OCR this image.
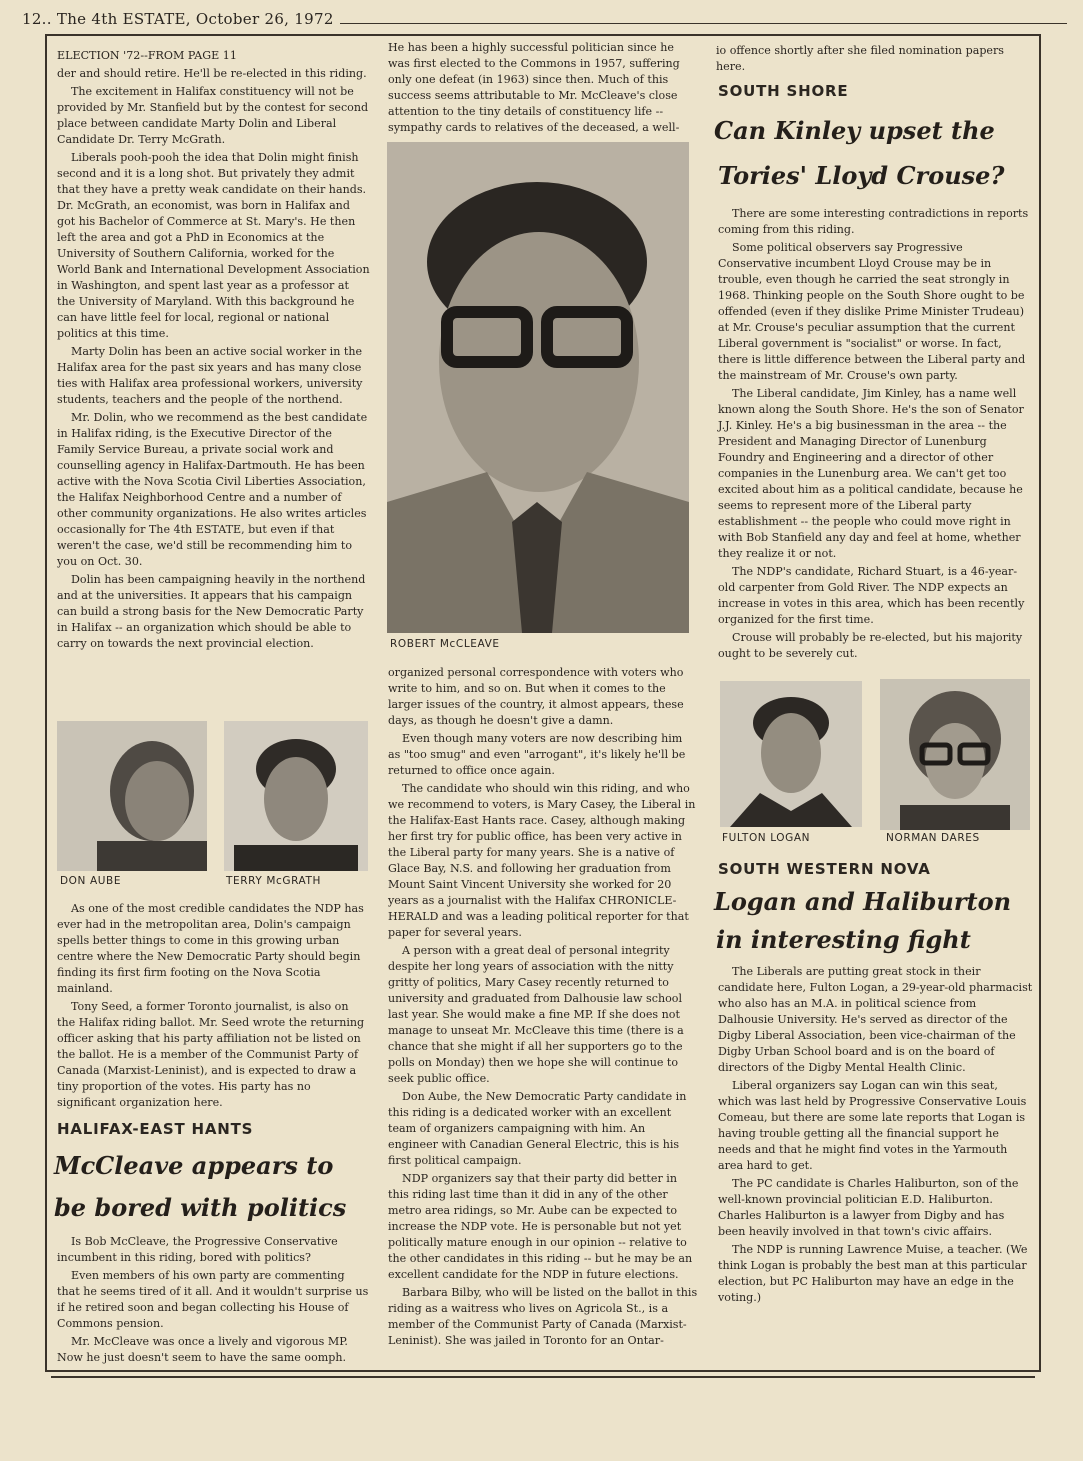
12.. The 4th ESTATE, October 26, 1972

ELECTION '72--FROM PAGE 11

der and should retire. He'll be re-elected in this riding.

The excitement in Halifax constituency will not be provided by Mr. Stanfield but by the contest for second place between candidate Marty Dolin and Liberal Candidate Dr. Terry McGrath.

Liberals pooh-pooh the idea that Dolin might finish second and it is a long shot. But privately they admit that they have a pretty weak candidate on their hands. Dr. McGrath, an economist, was born in Halifax and got his Bachelor of Commerce at St. Mary's. He then left the area and got a PhD in Economics at the University of Southern California, worked for the World Bank and International Development Association in Washington, and spent last year as a professor at the University of Maryland. With this background he can have little feel for local, regional or national politics at this time.

Marty Dolin has been an active social worker in the Halifax area for the past six years and has many close ties with Halifax area professional workers, university students, teachers and the people of the northend.

Mr. Dolin, who we recommend as the best candidate in Halifax riding, is the Executive Director of the Family Service Bureau, a private social work and counselling agency in Halifax-Dartmouth. He has been active with the Nova Scotia Civil Liberties Association, the Halifax Neighborhood Centre and a number of other community organizations. He also writes articles occasionally for The 4th ESTATE, but even if that weren't the case, we'd still be recommending him to you on Oct. 30.

Dolin has been campaigning heavily in the northend and at the universities. It appears that his campaign can build a strong basis for the New Democratic Party in Halifax -- an organization which should be able to carry on towards the next provincial election.

DON AUBE	TERRY McGRATH

As one of the most credible candidates the NDP has ever had in the metropolitan area, Dolin's campaign spells better things to come in this growing urban centre where the New Democratic Party should begin finding its first firm footing on the Nova Scotia mainland.

Tony Seed, a former Toronto journalist, is also on the Halifax riding ballot. Mr. Seed wrote the returning officer asking that his party affiliation not be listed on the ballot. He is a member of the Communist Party of Canada (Marxist-Leninist), and is expected to draw a tiny proportion of the votes. His party has no significant organization here.

HALIFAX-EAST HANTS
McCleave appears to
be bored with politics

Is Bob McCleave, the Progressive Conservative incumbent in this riding, bored with politics?

Even members of his own party are commenting that he seems tired of it all. And it wouldn't surprise us if he retired soon and began collecting his House of Commons pension.

Mr. McCleave was once a lively and vigorous MP. Now he just doesn't seem to have the same oomph.

He has been a highly successful politician since he was first elected to the Commons in 1957, suffering only one defeat (in 1963) since then. Much of this success seems attributable to Mr. McCleave's close attention to the tiny details of constituency life -- sympathy cards to relatives of the deceased, a well-

ROBERT McCLEAVE

organized personal correspondence with voters who write to him, and so on. But when it comes to the larger issues of the country, it almost appears, these days, as though he doesn't give a damn.

Even though many voters are now describing him as "too smug" and even "arrogant", it's likely he'll be returned to office once again.

The candidate who should win this riding, and who we recommend to voters, is Mary Casey, the Liberal in the Halifax-East Hants race. Casey, although making her first try for public office, has been very active in the Liberal party for many years. She is a native of Glace Bay, N.S. and following her graduation from Mount Saint Vincent University she worked for 20 years as a journalist with the Halifax CHRONICLE-HERALD and was a leading political reporter for that paper for several years.

A person with a great deal of personal integrity despite her long years of association with the nitty gritty of politics, Mary Casey recently returned to university and graduated from Dalhousie law school last year. She would make a fine MP. If she does not manage to unseat Mr. McCleave this time (there is a chance that she might if all her supporters go to the polls on Monday) then we hope she will continue to seek public office.

Don Aube, the New Democratic Party candidate in this riding is a dedicated worker with an excellent team of organizers campaigning with him. An engineer with Canadian General Electric, this is his first political campaign.

NDP organizers say that their party did better in this riding last time than it did in any of the other metro area ridings, so Mr. Aube can be expected to increase the NDP vote. He is personable but not yet politically mature enough in our opinion -- relative to the other candidates in this riding -- but he may be an excellent candidate for the NDP in future elections.

Barbara Bilby, who will be listed on the ballot in this riding as a waitress who lives on Agricola St., is a member of the Communist Party of Canada (Marxist-Leninist). She was jailed in Toronto for an Ontar-

io offence shortly after she filed nomination papers here.

SOUTH SHORE
Can Kinley upset the
Tories' Lloyd Crouse?

There are some interesting contradictions in reports coming from this riding.

Some political observers say Progressive Conservative incumbent Lloyd Crouse may be in trouble, even though he carried the seat strongly in 1968. Thinking people on the South Shore ought to be offended (even if they dislike Prime Minister Trudeau) at Mr. Crouse's peculiar assumption that the current Liberal government is "socialist" or worse. In fact, there is little difference between the Liberal party and the mainstream of Mr. Crouse's own party.

The Liberal candidate, Jim Kinley, has a name well known along the South Shore. He's the son of Senator J.J. Kinley. He's a big businessman in the area -- the President and Managing Director of Lunenburg Foundry and Engineering and a director of other companies in the Lunenburg area. We can't get too excited about him as a political candidate, because he seems to represent more of the Liberal party establishment -- the people who could move right in with Bob Stanfield any day and feel at home, whether they realize it or not.

The NDP's candidate, Richard Stuart, is a 46-year-old carpenter from Gold River. The NDP expects an increase in votes in this area, which has been recently organized for the first time.

Crouse will probably be re-elected, but his majority ought to be severely cut.

FULTON LOGAN	NORMAN DARES
SOUTH WESTERN NOVA
Logan and Haliburton
in interesting fight

The Liberals are putting great stock in their candidate here, Fulton Logan, a 29-year-old pharmacist who also has an M.A. in political science from Dalhousie University. He's served as director of the Digby Liberal Association, been vice-chairman of the Digby Urban School board and is on the board of directors of the Digby Mental Health Clinic.

Liberal organizers say Logan can win this seat, which was last held by Progressive Conservative Louis Comeau, but there are some late reports that Logan is having trouble getting all the financial support he needs and that he might find votes in the Yarmouth area hard to get.

The PC candidate is Charles Haliburton, son of the well-known provincial politician E.D. Haliburton. Charles Haliburton is a lawyer from Digby and has been heavily involved in that town's civic affairs.

The NDP is running Lawrence Muise, a teacher. (We think Logan is probably the best man at this particular election, but PC Haliburton may have an edge in the voting.)
